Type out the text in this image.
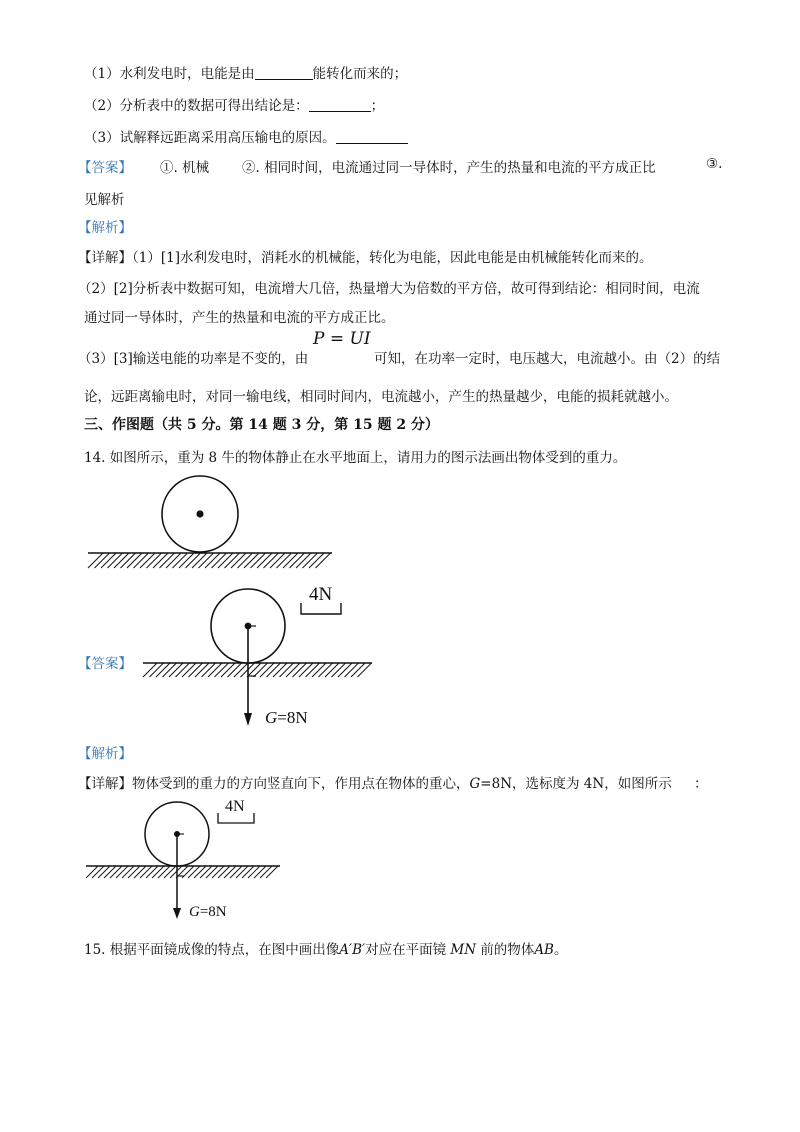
（1）水利发电时，电能是由	能转化而来的；
（2）分析表中的数据可得出结论是：	；
（3）试解释远距离采用高压输电的原因。
【答案】 ①. 机械 ②. 相同时间，电流通过同一导体时，产生的热量和电流的平方成正比	③.
见解析
【解析】
【详解】（1）[1]水利发电时，消耗水的机械能，转化为电能，因此电能是由机械能转化而来的。
（2）[2]分析表中数据可知，电流增大几倍，热量增大为倍数的平方倍，故可得到结论：相同时间，电流
通过同一导体时，产生的热量和电流的平方成正比。
P = UI
（3）[3]输送电能的功率是不变的，由	可知，在功率一定时，电压越大，电流越小。由（2）的结
论，远距离输电时，对同一输电线，相同时间内，电流越小，产生的热量越少，电能的损耗就越小。
三、作图题（共 5 分。第 14 题 3 分，第 15 题 2 分）
14. 如图所示，重为 8 牛的物体静止在水平地面上，请用力的图示法画出物体受到的重力。
【答案】
4N
G=8N
【解析】
【详解】物体受到的重力的方向竖直向下，作用点在物体的重心，G=8N，选标度为 4N，如图所示 ：
4N
G=8N
15. 根据平面镜成像的特点，在图中画出像A′B′对应在平面镜 MN 前的物体AB。
